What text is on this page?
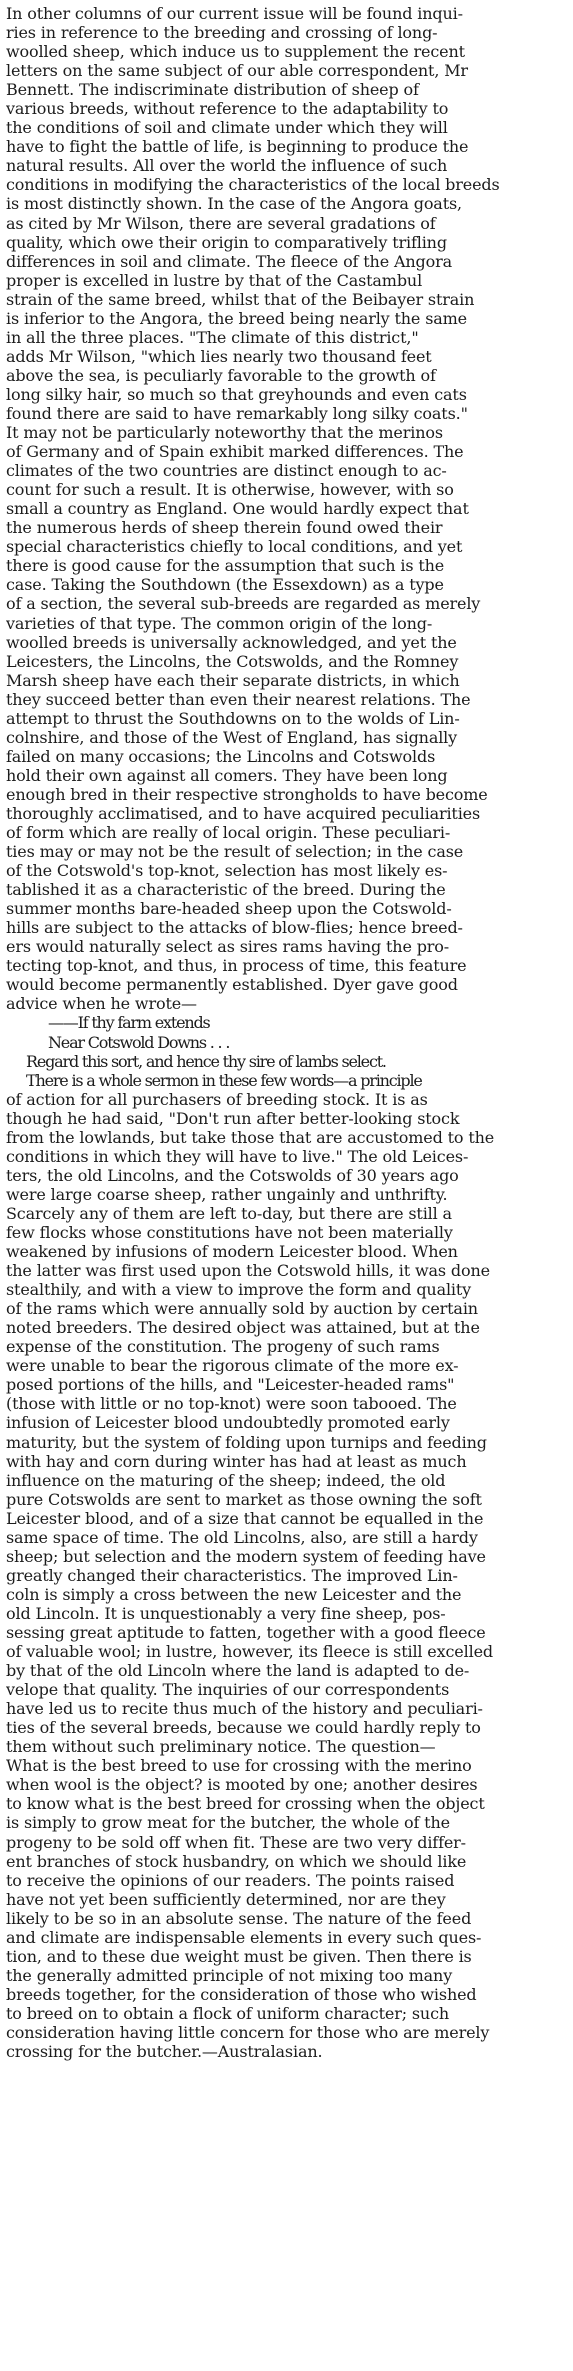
In other columns of our current issue will be found inqui-
ries in reference to the breeding and crossing of long-
woolled sheep, which induce us to supplement the recent
letters on the same subject of our able correspondent, Mr
Bennett. The indiscriminate distribution of sheep of
various breeds, without reference to the adaptability to
the conditions of soil and climate under which they will
have to fight the battle of life, is beginning to produce the
natural results. All over the world the influence of such
conditions in modifying the characteristics of the local breeds
is most distinctly shown. In the case of the Angora goats,
as cited by Mr Wilson, there are several gradations of
quality, which owe their origin to comparatively trifling
differences in soil and climate. The fleece of the Angora
proper is excelled in lustre by that of the Castambul
strain of the same breed, whilst that of the Beibayer strain
is inferior to the Angora, the breed being nearly the same
in all the three places. "The climate of this district,"
adds Mr Wilson, "which lies nearly two thousand feet
above the sea, is peculiarly favorable to the growth of
long silky hair, so much so that greyhounds and even cats
found there are said to have remarkably long silky coats."
It may not be particularly noteworthy that the merinos
of Germany and of Spain exhibit marked differences. The
climates of the two countries are distinct enough to ac-
count for such a result. It is otherwise, however, with so
small a country as England. One would hardly expect that
the numerous herds of sheep therein found owed their
special characteristics chiefly to local conditions, and yet
there is good cause for the assumption that such is the
case. Taking the Southdown (the Essexdown) as a type
of a section, the several sub-breeds are regarded as merely
varieties of that type. The common origin of the long-
woolled breeds is universally acknowledged, and yet the
Leicesters, the Lincolns, the Cotswolds, and the Romney
Marsh sheep have each their separate districts, in which
they succeed better than even their nearest relations. The
attempt to thrust the Southdowns on to the wolds of Lin-
colnshire, and those of the West of England, has signally
failed on many occasions; the Lincolns and Cotswolds
hold their own against all comers. They have been long
enough bred in their respective strongholds to have become
thoroughly acclimatised, and to have acquired peculiarities
of form which are really of local origin. These peculiari-
ties may or may not be the result of selection; in the case
of the Cotswold's top-knot, selection has most likely es-
tablished it as a characteristic of the breed. During the
summer months bare-headed sheep upon the Cotswold-
hills are subject to the attacks of blow-flies; hence breed-
ers would naturally select as sires rams having the pro-
tecting top-knot, and thus, in process of time, this feature
would become permanently established. Dyer gave good
advice when he wrote—
——If thy farm extends
Near Cotswold Downs . . .
Regard this sort, and hence thy sire of lambs select.
There is a whole sermon in these few words—a principle
of action for all purchasers of breeding stock. It is as
though he had said, "Don't run after better-looking stock
from the lowlands, but take those that are accustomed to the
conditions in which they will have to live." The old Leices-
ters, the old Lincolns, and the Cotswolds of 30 years ago
were large coarse sheep, rather ungainly and unthrifty.
Scarcely any of them are left to-day, but there are still a
few flocks whose constitutions have not been materially
weakened by infusions of modern Leicester blood. When
the latter was first used upon the Cotswold hills, it was done
stealthily, and with a view to improve the form and quality
of the rams which were annually sold by auction by certain
noted breeders. The desired object was attained, but at the
expense of the constitution. The progeny of such rams
were unable to bear the rigorous climate of the more ex-
posed portions of the hills, and "Leicester-headed rams"
(those with little or no top-knot) were soon tabooed. The
infusion of Leicester blood undoubtedly promoted early
maturity, but the system of folding upon turnips and feeding
with hay and corn during winter has had at least as much
influence on the maturing of the sheep; indeed, the old
pure Cotswolds are sent to market as those owning the soft
Leicester blood, and of a size that cannot be equalled in the
same space of time. The old Lincolns, also, are still a hardy
sheep; but selection and the modern system of feeding have
greatly changed their characteristics. The improved Lin-
coln is simply a cross between the new Leicester and the
old Lincoln. It is unquestionably a very fine sheep, pos-
sessing great aptitude to fatten, together with a good fleece
of valuable wool; in lustre, however, its fleece is still excelled
by that of the old Lincoln where the land is adapted to de-
velope that quality. The inquiries of our correspondents
have led us to recite thus much of the history and peculiari-
ties of the several breeds, because we could hardly reply to
them without such preliminary notice. The question—
What is the best breed to use for crossing with the merino
when wool is the object? is mooted by one; another desires
to know what is the best breed for crossing when the object
is simply to grow meat for the butcher, the whole of the
progeny to be sold off when fit. These are two very differ-
ent branches of stock husbandry, on which we should like
to receive the opinions of our readers. The points raised
have not yet been sufficiently determined, nor are they
likely to be so in an absolute sense. The nature of the feed
and climate are indispensable elements in every such ques-
tion, and to these due weight must be given. Then there is
the generally admitted principle of not mixing too many
breeds together, for the consideration of those who wished
to breed on to obtain a flock of uniform character; such
consideration having little concern for those who are merely
crossing for the butcher.—Australasian.
